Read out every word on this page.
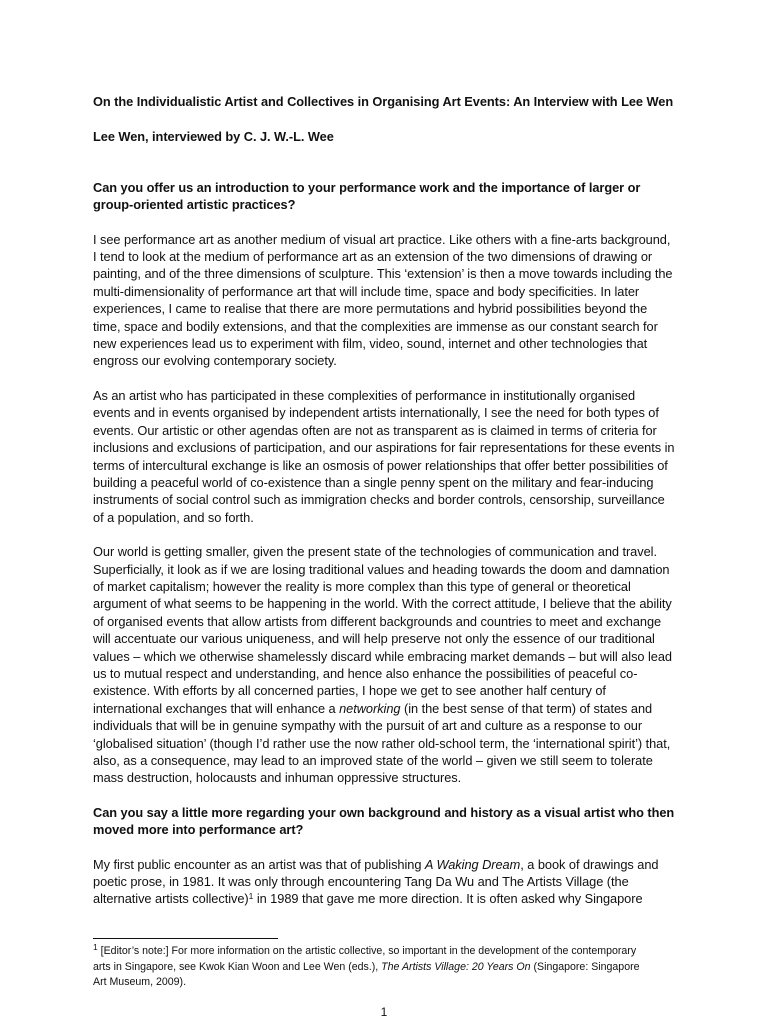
On the Individualistic Artist and Collectives in Organising Art Events: An Interview with Lee Wen

Lee Wen, interviewed by C. J. W.-L. Wee

Can you offer us an introduction to your performance work and the importance of larger or group-oriented artistic practices?

I see performance art as another medium of visual art practice. Like others with a fine-arts background, I tend to look at the medium of performance art as an extension of the two dimensions of drawing or painting, and of the three dimensions of sculpture. This ‘extension’ is then a move towards including the multi-dimensionality of performance art that will include time, space and body specificities. In later experiences, I came to realise that there are more permutations and hybrid possibilities beyond the time, space and bodily extensions, and that the complexities are immense as our constant search for new experiences lead us to experiment with film, video, sound, internet and other technologies that engross our evolving contemporary society.

As an artist who has participated in these complexities of performance in institutionally organised events and in events organised by independent artists internationally, I see the need for both types of events. Our artistic or other agendas often are not as transparent as is claimed in terms of criteria for inclusions and exclusions of participation, and our aspirations for fair representations for these events in terms of intercultural exchange is like an osmosis of power relationships that offer better possibilities of building a peaceful world of co-existence than a single penny spent on the military and fear-inducing instruments of social control such as immigration checks and border controls, censorship, surveillance of a population, and so forth.

Our world is getting smaller, given the present state of the technologies of communication and travel. Superficially, it look as if we are losing traditional values and heading towards the doom and damnation of market capitalism; however the reality is more complex than this type of general or theoretical argument of what seems to be happening in the world. With the correct attitude, I believe that the ability of organised events that allow artists from different backgrounds and countries to meet and exchange will accentuate our various uniqueness, and will help preserve not only the essence of our traditional values – which we otherwise shamelessly discard while embracing market demands – but will also lead us to mutual respect and understanding, and hence also enhance the possibilities of peaceful co-existence. With efforts by all concerned parties, I hope we get to see another half century of international exchanges that will enhance a networking (in the best sense of that term) of states and individuals that will be in genuine sympathy with the pursuit of art and culture as a response to our ‘globalised situation’ (though I’d rather use the now rather old-school term, the ‘international spirit’) that, also, as a consequence, may lead to an improved state of the world – given we still seem to tolerate mass destruction, holocausts and inhuman oppressive structures.

Can you say a little more regarding your own background and history as a visual artist who then moved more into performance art?

My first public encounter as an artist was that of publishing A Waking Dream, a book of drawings and poetic prose, in 1981. It was only through encountering Tang Da Wu and The Artists Village (the alternative artists collective)$^1$ in 1989 that gave me more direction. It is often asked why Singapore

$^1$ [Editor’s note:] For more information on the artistic collective, so important in the development of the contemporary arts in Singapore, see Kwok Kian Woon and Lee Wen (eds.), The Artists Village: 20 Years On (Singapore: Singapore Art Museum, 2009).

1
